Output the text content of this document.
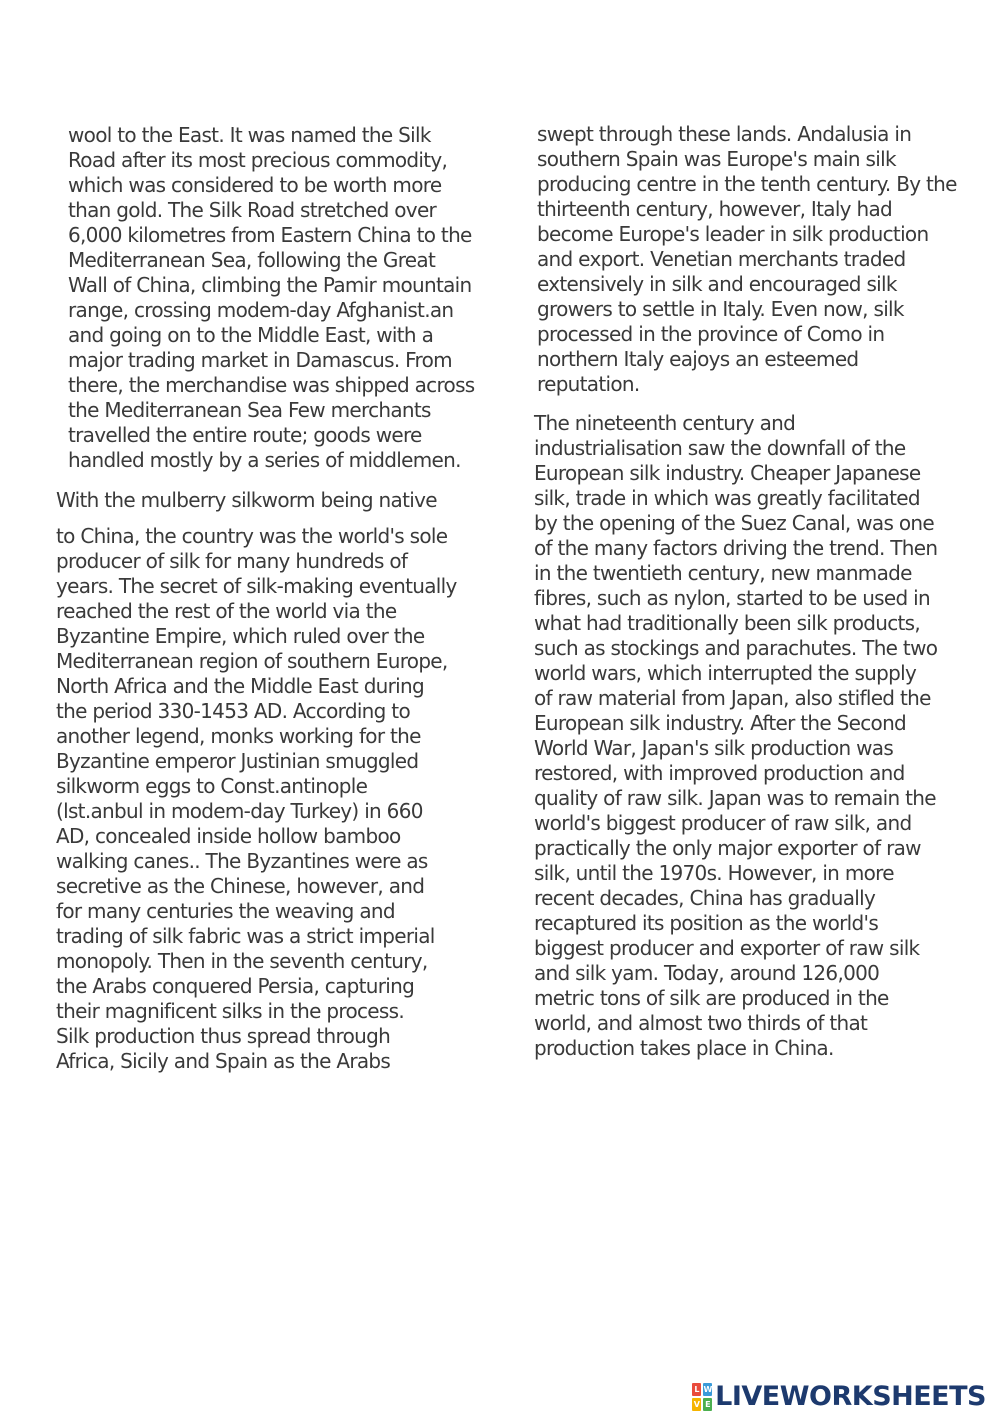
wool to the East. It was named the Silk
Road after its most precious commodity,
which was considered to be worth more
than gold. The Silk Road stretched over
6,000 kilometres from Eastern China to the
Mediterranean Sea, following the Great
Wall of China, climbing the Pamir mountain
range, crossing modem-day Afghanist.an
and going on to the Middle East, with a
major trading market in Damascus. From
there, the merchandise was shipped across
the Mediterranean Sea Few merchants
travelled the entire route; goods were
handled mostly by a series of middlemen.
With the mulberry silkworm being native
to China, the country was the world's sole
producer of silk for many hundreds of
years. The secret of silk-making eventually
reached the rest of the world via the
Byzantine Empire, which ruled over the
Mediterranean region of southern Europe,
North Africa and the Middle East during
the period 330-1453 AD. According to
another legend, monks working for the
Byzantine emperor Justinian smuggled
silkworm eggs to Const.antinople
(lst.anbul in modem-day Turkey) in 660
AD, concealed inside hollow bamboo
walking canes.. The Byzantines were as
secretive as the Chinese, however, and
for many centuries the weaving and
trading of silk fabric was a strict imperial
monopoly. Then in the seventh century,
the Arabs conquered Persia, capturing
their magnificent silks in the process.
Silk production thus spread through
Africa, Sicily and Spain as the Arabs
swept through these lands. Andalusia in
southern Spain was Europe's main silk
producing centre in the tenth century. By the
thirteenth century, however, Italy had
become Europe's leader in silk production
and export. Venetian merchants traded
extensively in silk and encouraged silk
growers to settle in Italy. Even now, silk
processed in the province of Como in
northern Italy eajoys an esteemed
reputation.
The nineteenth century and
industrialisation saw the downfall of the
European silk industry. Cheaper Japanese
silk, trade in which was greatly facilitated
by the opening of the Suez Canal, was one
of the many factors driving the trend. Then
in the twentieth century, new manmade
fibres, such as nylon, started to be used in
what had traditionally been silk products,
such as stockings and parachutes. The two
world wars, which interrupted the supply
of raw material from Japan, also stifled the
European silk industry. After the Second
World War, Japan's silk production was
restored, with improved production and
quality of raw silk. Japan was to remain the
world's biggest producer of raw silk, and
practically the only major exporter of raw
silk, until the 1970s. However, in more
recent decades, China has gradually
recaptured its position as the world's
biggest producer and exporter of raw silk
and silk yam. Today, around 126,000
metric tons of silk are produced in the
world, and almost two thirds of that
production takes place in China.
L W
V E LIVEWORKSHEETS
